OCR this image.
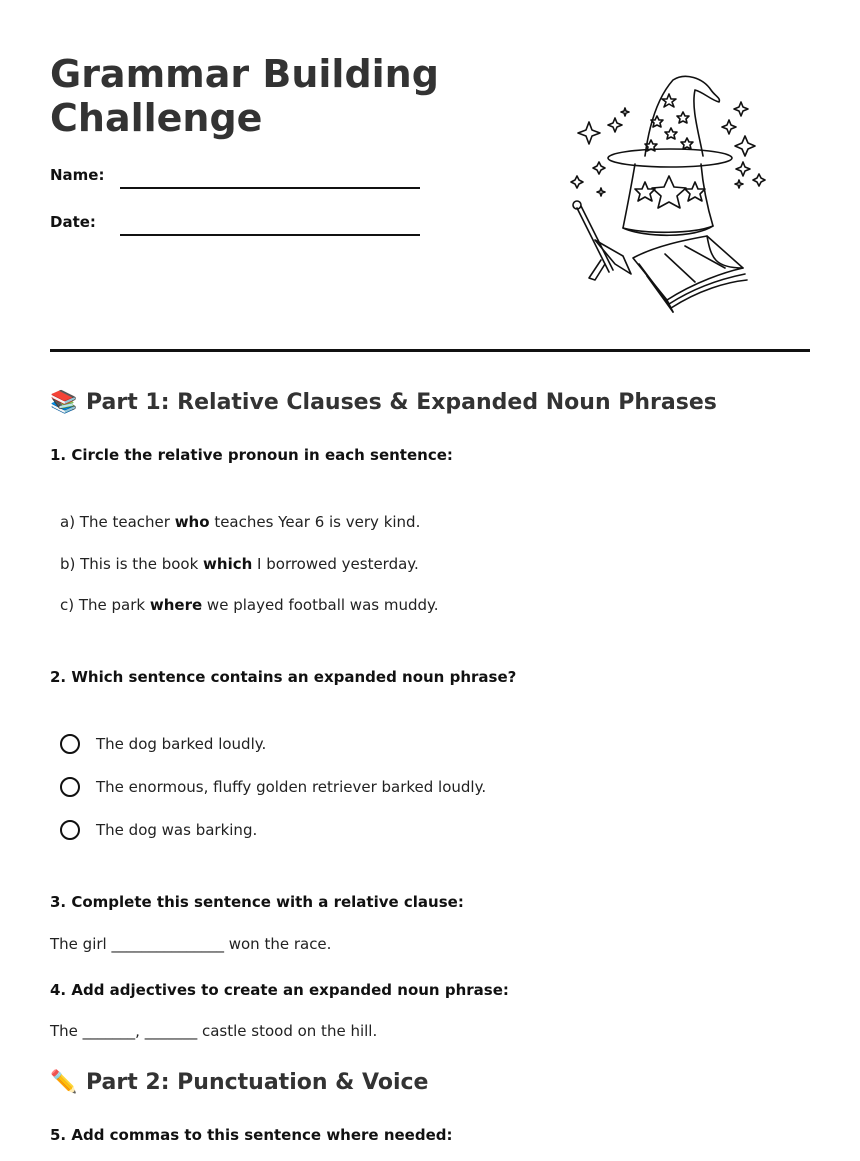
Grammar Building Challenge
Name:
Date:
📚 Part 1: Relative Clauses & Expanded Noun Phrases
1. Circle the relative pronoun in each sentence:
a) The teacher who teaches Year 6 is very kind.
b) This is the book which I borrowed yesterday.
c) The park where we played football was muddy.
2. Which sentence contains an expanded noun phrase?
The dog barked loudly.
The enormous, fluffy golden retriever barked loudly.
The dog was barking.
3. Complete this sentence with a relative clause:
The girl _______________ won the race.
4. Add adjectives to create an expanded noun phrase:
The _______, _______ castle stood on the hill.
✏️ Part 2: Punctuation & Voice
5. Add commas to this sentence where needed:
